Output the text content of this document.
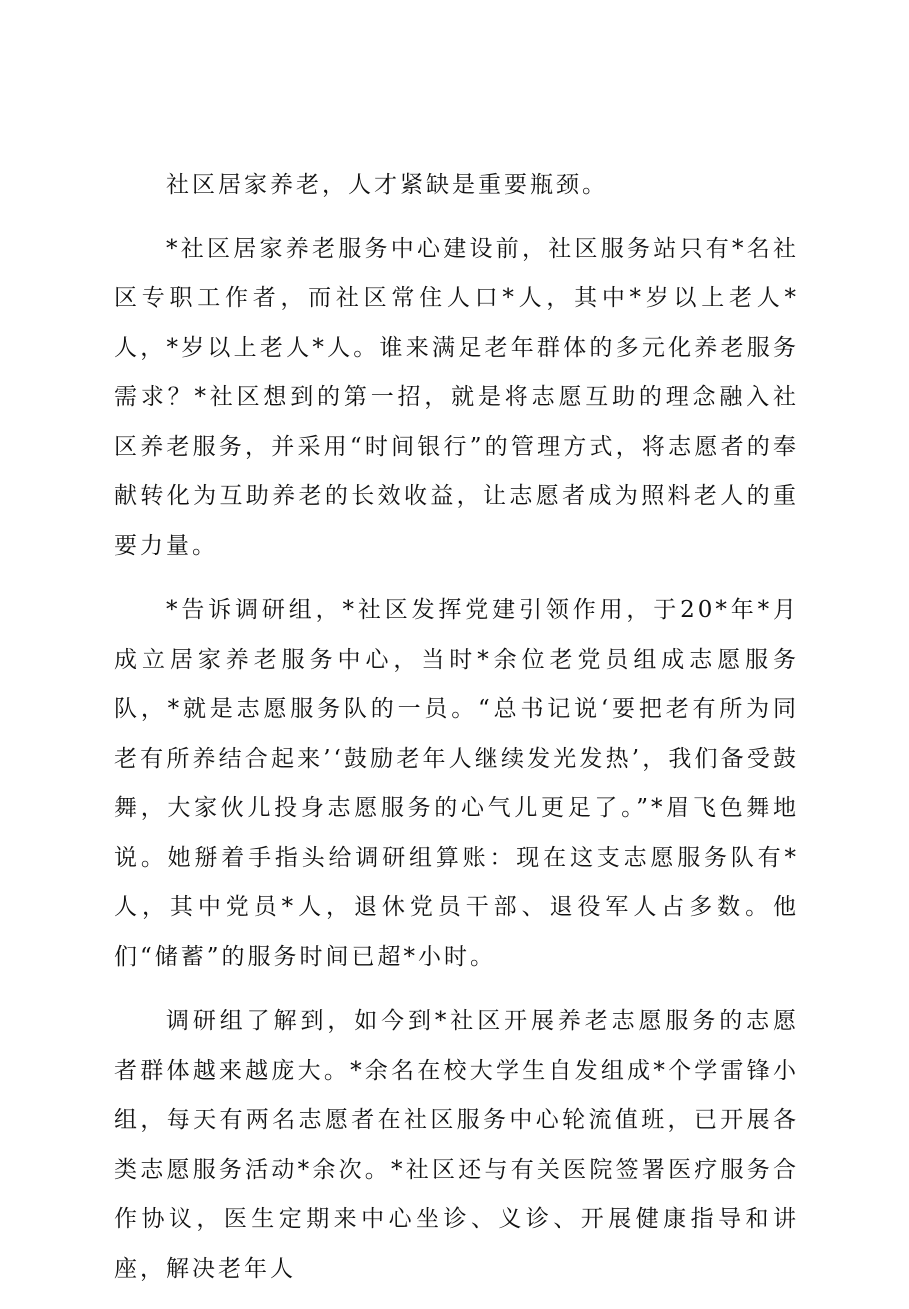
社区居家养老，人才紧缺是重要瓶颈。

*社区居家养老服务中心建设前，社区服务站只有*名社区专职工作者，而社区常住人口*人，其中*岁以上老人*人，*岁以上老人*人。谁来满足老年群体的多元化养老服务需求？*社区想到的第一招，就是将志愿互助的理念融入社区养老服务，并采用“时间银行”的管理方式，将志愿者的奉献转化为互助养老的长效收益，让志愿者成为照料老人的重要力量。

*告诉调研组，*社区发挥党建引领作用，于20*年*月成立居家养老服务中心，当时*余位老党员组成志愿服务队，*就是志愿服务队的一员。“总书记说‘要把老有所为同老有所养结合起来’‘鼓励老年人继续发光发热’，我们备受鼓舞，大家伙儿投身志愿服务的心气儿更足了。”*眉飞色舞地说。她掰着手指头给调研组算账：现在这支志愿服务队有*人，其中党员*人，退休党员干部、退役军人占多数。他们“储蓄”的服务时间已超*小时。

调研组了解到，如今到*社区开展养老志愿服务的志愿者群体越来越庞大。*余名在校大学生自发组成*个学雷锋小组，每天有两名志愿者在社区服务中心轮流值班，已开展各类志愿服务活动*余次。*社区还与有关医院签署医疗服务合作协议，医生定期来中心坐诊、义诊、开展健康指导和讲座，解决老年人
